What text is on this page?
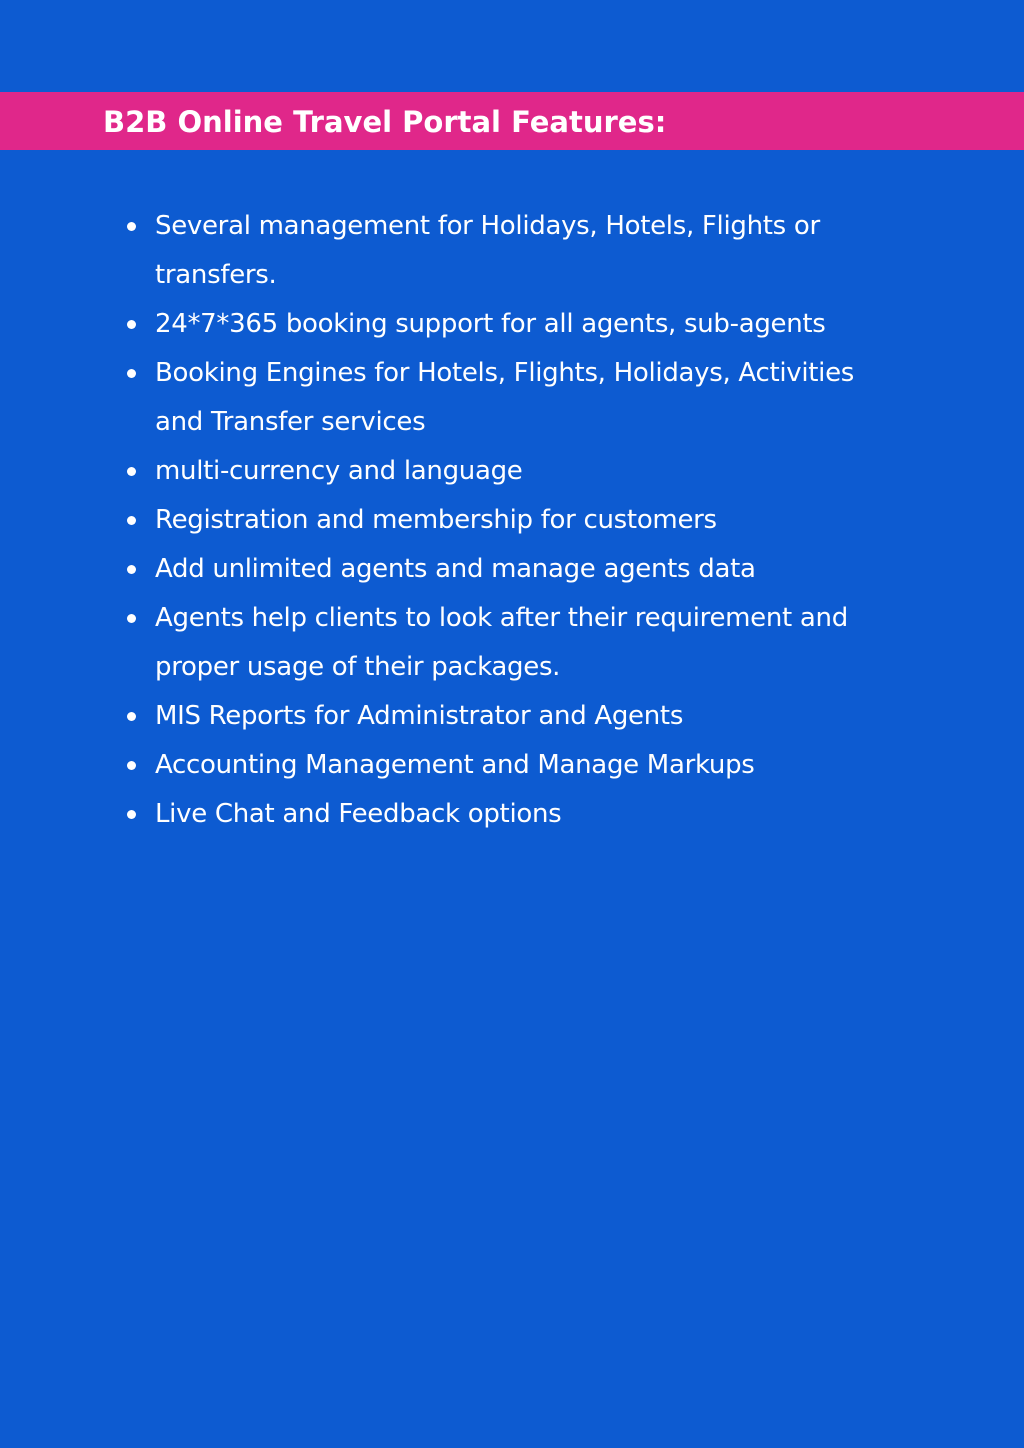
B2B Online Travel Portal Features:
Several management for Holidays, Hotels, Flights or transfers.
24*7*365 booking support for all agents, sub-agents
Booking Engines for Hotels, Flights, Holidays, Activities and Transfer services
multi-currency and language
Registration and membership for customers
Add unlimited agents and manage agents data
Agents help clients to look after their requirement and proper usage of their packages.
MIS Reports for Administrator and Agents
Accounting Management and Manage Markups
Live Chat and Feedback options
